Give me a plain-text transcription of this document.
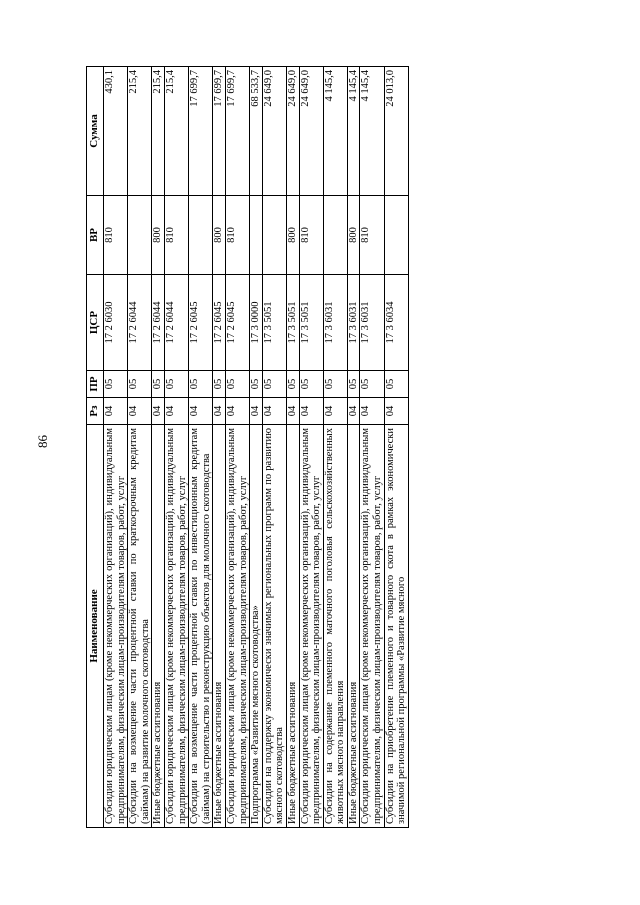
86
Наименование	Рз	ПР	ЦСР	ВР	Сумма
Субсидии юридическим лицам (кроме некоммерческих организаций), индивидуальным предпринимателям, физическим лицам-производителям товаров, работ, услуг	04	05	17 2 6030	810	430,1
Субсидии на возмещение части процентной ставки по краткосрочным кредитам (займам) на развитие молочного скотоводства	04	05	17 2 6044		215,4
Иные бюджетные ассигнования	04	05	17 2 6044	800	215,4
Субсидии юридическим лицам (кроме некоммерческих организаций), индивидуальным предпринимателям, физическим лицам-производителям товаров, работ, услуг	04	05	17 2 6044	810	215,4
Субсидии на возмещение части процентной ставки по инвестиционным кредитам (займам) на строительство и реконструкцию объектов для молочного скотоводства	04	05	17 2 6045		17 699,7
Иные бюджетные ассигнования	04	05	17 2 6045	800	17 699,7
Субсидии юридическим лицам (кроме некоммерческих организаций), индивидуальным предпринимателям, физическим лицам-производителям товаров, работ, услуг	04	05	17 2 6045	810	17 699,7
Подпрограмма «Развитие мясного скотоводства»	04	05	17 3 0000		68 533,7
Субсидии на поддержку экономически значимых региональных программ по развитию мясного скотоводства	04	05	17 3 5051		24 649,0
Иные бюджетные ассигнования	04	05	17 3 5051	800	24 649,0
Субсидии юридическим лицам (кроме некоммерческих организаций), индивидуальным предпринимателям, физическим лицам-производителям товаров, работ, услуг	04	05	17 3 5051	810	24 649,0
Субсидии на содержание племенного маточного поголовья сельскохозяйственных животных мясного направления	04	05	17 3 6031		4 145,4
Иные бюджетные ассигнования	04	05	17 3 6031	800	4 145,4
Субсидии юридическим лицам (кроме некоммерческих организаций), индивидуальным предпринимателям, физическим лицам-производителям товаров, работ, услуг	04	05	17 3 6031	810	4 145,4
Субсидии на приобретение племенного и товарного скота в рамках экономически значимой региональной программы «Развитие мясного	04	05	17 3 6034		24 013,0
